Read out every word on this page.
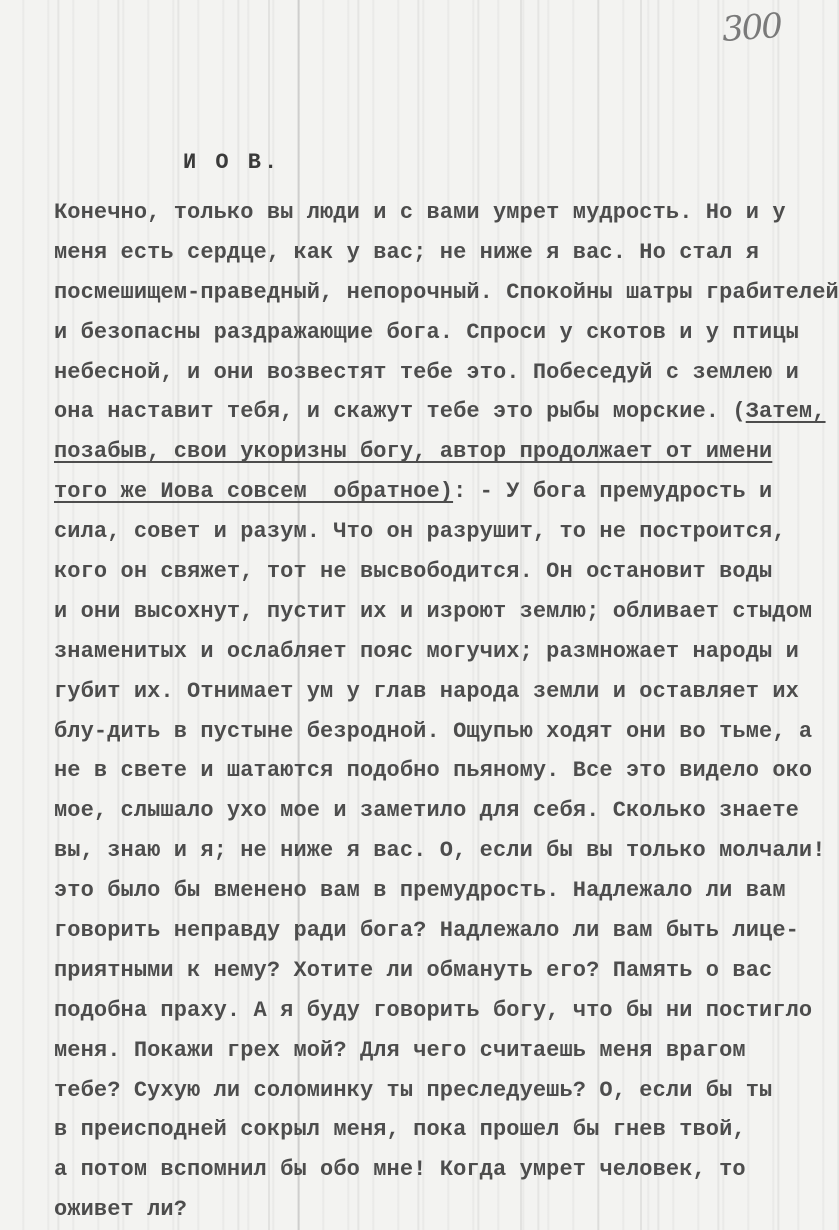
300
И О В.
Конечно, только вы люди и с вами умрет мудрость. Но и у
меня есть сердце, как у вас; не ниже я вас. Но стал я
посмешищем-праведный, непорочный. Спокойны шатры грабителей
и безопасны раздражающие бога. Спроси у скотов и у птицы
небесной, и они возвестят тебе это. Побеседуй с землею и
она наставит тебя, и скажут тебе это рыбы морские. (Затем,
позабыв, свои укоризны богу, автор продолжает от имени
того же Иова совсем  обратное): - У бога премудрость и
сила, совет и разум. Что он разрушит, то не построится,
кого он свяжет, тот не высвободится. Он остановит воды
и они высохнут, пустит их и изроют землю; обливает стыдом
знаменитых и ослабляет пояс могучих; размножает народы и
губит их. Отнимает ум у глав народа земли и оставляет их
блу-дить в пустыне безродной. Ощупью ходят они во тьме, а
не в свете и шатаются подобно пьяному. Все это видело око
мое, слышало ухо мое и заметило для себя. Сколько знаете
вы, знаю и я; не ниже я вас. О, если бы вы только молчали!
это было бы вменено вам в премудрость. Надлежало ли вам
говорить неправду ради бога? Надлежало ли вам быть лице-
приятными к нему? Хотите ли обмануть его? Память о вас
подобна праху. А я буду говорить богу, что бы ни постигло
меня. Покажи грех мой? Для чего считаешь меня врагом
тебе? Сухую ли соломинку ты преследуешь? О, если бы ты
в преисподней сокрыл меня, пока прошел бы гнев твой,
а потом вспомнил бы обо мне! Когда умрет человек, то
оживет ли?
